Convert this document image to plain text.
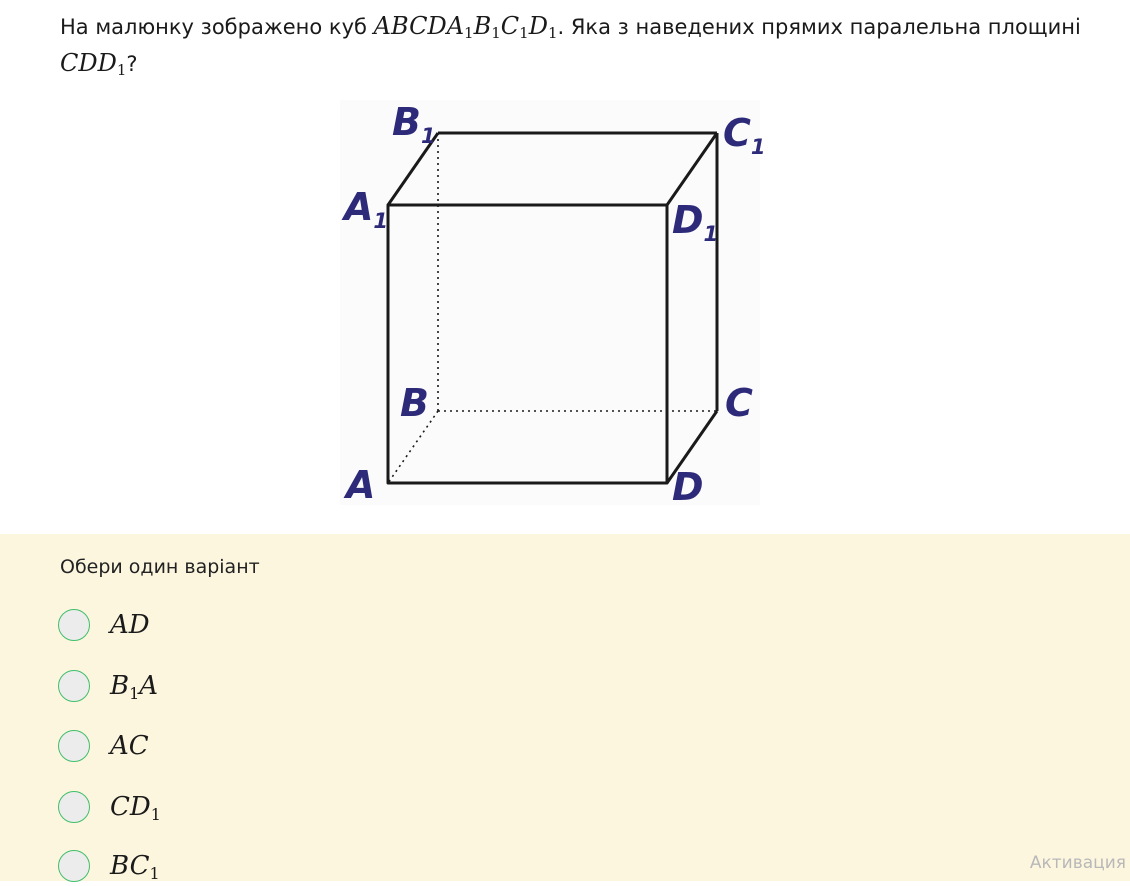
На малюнку зображено куб $ABCDA_1B_1C_1D_1$. Яка з наведених прямих паралельна площині $CDD_1$?
$B_1$	$C_1$
$A_1$	$D_1$
B	C
A	D
Обери один варіант
AD
$B_1A$
AC
$CD_1$
$BC_1$
Активация
